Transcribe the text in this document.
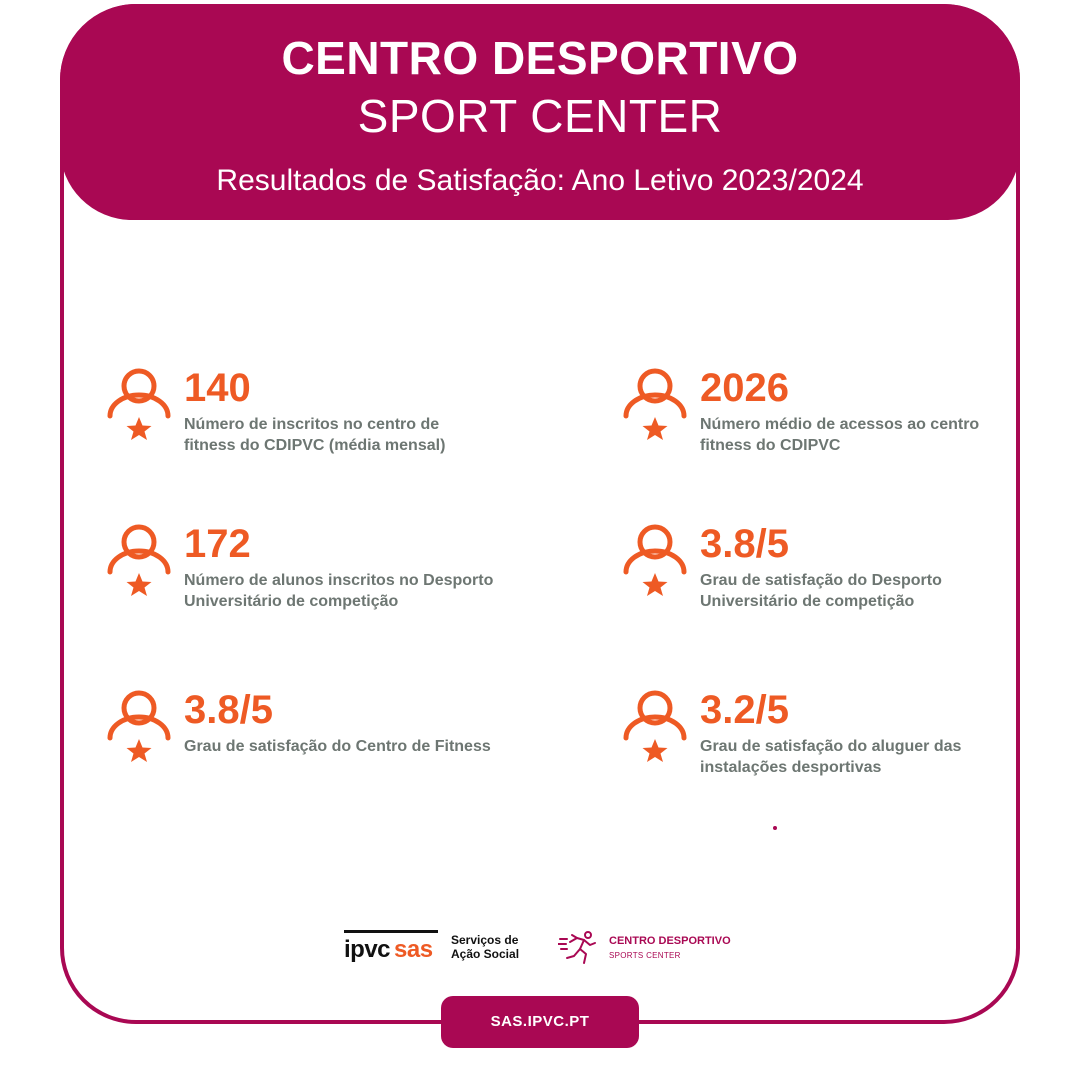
CENTRO DESPORTIVO
SPORT CENTER
Resultados de Satisfação: Ano Letivo 2023/2024
140
Número de inscritos no centro de fitness do CDIPVC (média mensal)
2026
Número médio de acessos ao centro fitness do CDIPVC
172
Número de alunos inscritos no Desporto Universitário de competição
3.8/5
Grau de satisfação do Desporto Universitário de competição
3.8/5
Grau de satisfação do Centro de Fitness
3.2/5
Grau de satisfação do aluguer das instalações desportivas
ipvc sas Serviços de
Ação Social
CENTRO DESPORTIVO
SPORTS CENTER
SAS.IPVC.PT
